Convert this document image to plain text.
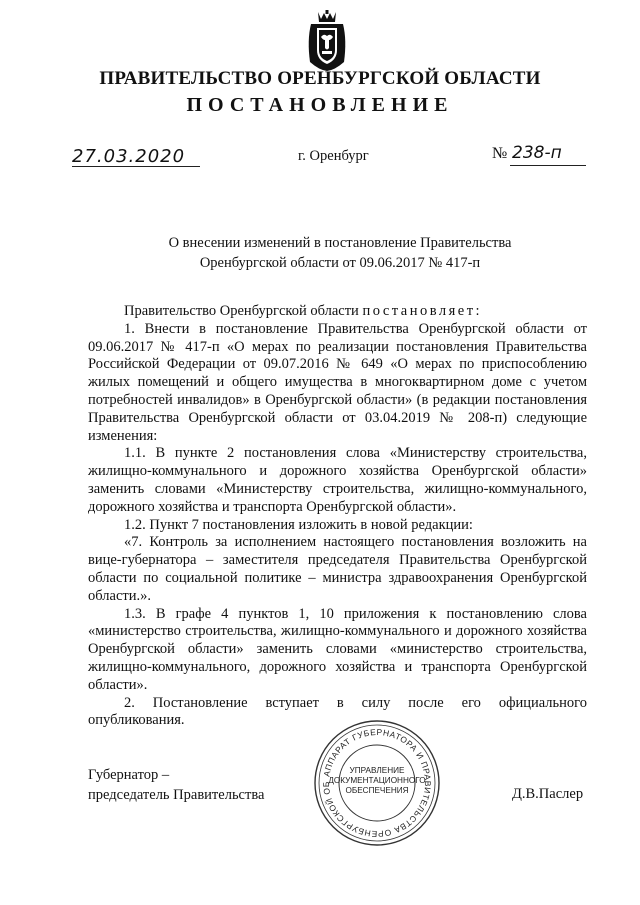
ПРАВИТЕЛЬСТВО ОРЕНБУРГСКОЙ ОБЛАСТИ
ПОСТАНОВЛЕНИЕ
27.03.2020	г. Оренбург	№ 238-п
О внесении изменений в постановление Правительства
Оренбургской области от 09.06.2017 № 417-п

Правительство Оренбургской области постановляет:

1. Внести в постановление Правительства Оренбургской области от 09.06.2017 № 417-п «О мерах по реализации постановления Правительства Российской Федерации от 09.07.2016 № 649 «О мерах по приспособлению жилых помещений и общего имущества в многоквартирном доме с учетом потребностей инвалидов» в Оренбургской области» (в редакции постановления Правительства Оренбургской области от 03.04.2019 № 208-п) следующие изменения:

1.1. В пункте 2 постановления слова «Министерству строительства, жилищно-коммунального и дорожного хозяйства Оренбургской области» заменить словами «Министерству строительства, жилищно-коммунального, дорожного хозяйства и транспорта Оренбургской области».

1.2. Пункт 7 постановления изложить в новой редакции:

«7. Контроль за исполнением настоящего постановления возложить на вице-губернатора – заместителя председателя Правительства Оренбургской области по социальной политике – министра здравоохранения Оренбургской области.».

1.3. В графе 4 пунктов 1, 10 приложения к постановлению слова «министерство строительства, жилищно-коммунального и дорожного хозяйства Оренбургской области» заменить словами «министерство строительства, жилищно-коммунального, дорожного хозяйства и транспорта Оренбургской области».

2. Постановление вступает в силу после его официального опубликования.

Губернатор –
председатель Правительства	Д.В.Паслер
АППАРАТ ГУБЕРНАТОРА И ПРАВИТЕЛЬСТВА ОРЕНБУРГСКОЙ ОБ
УПРАВЛЕНИЕ
ДОКУМЕНТАЦИОННОГО
ОБЕСПЕЧЕНИЯ
